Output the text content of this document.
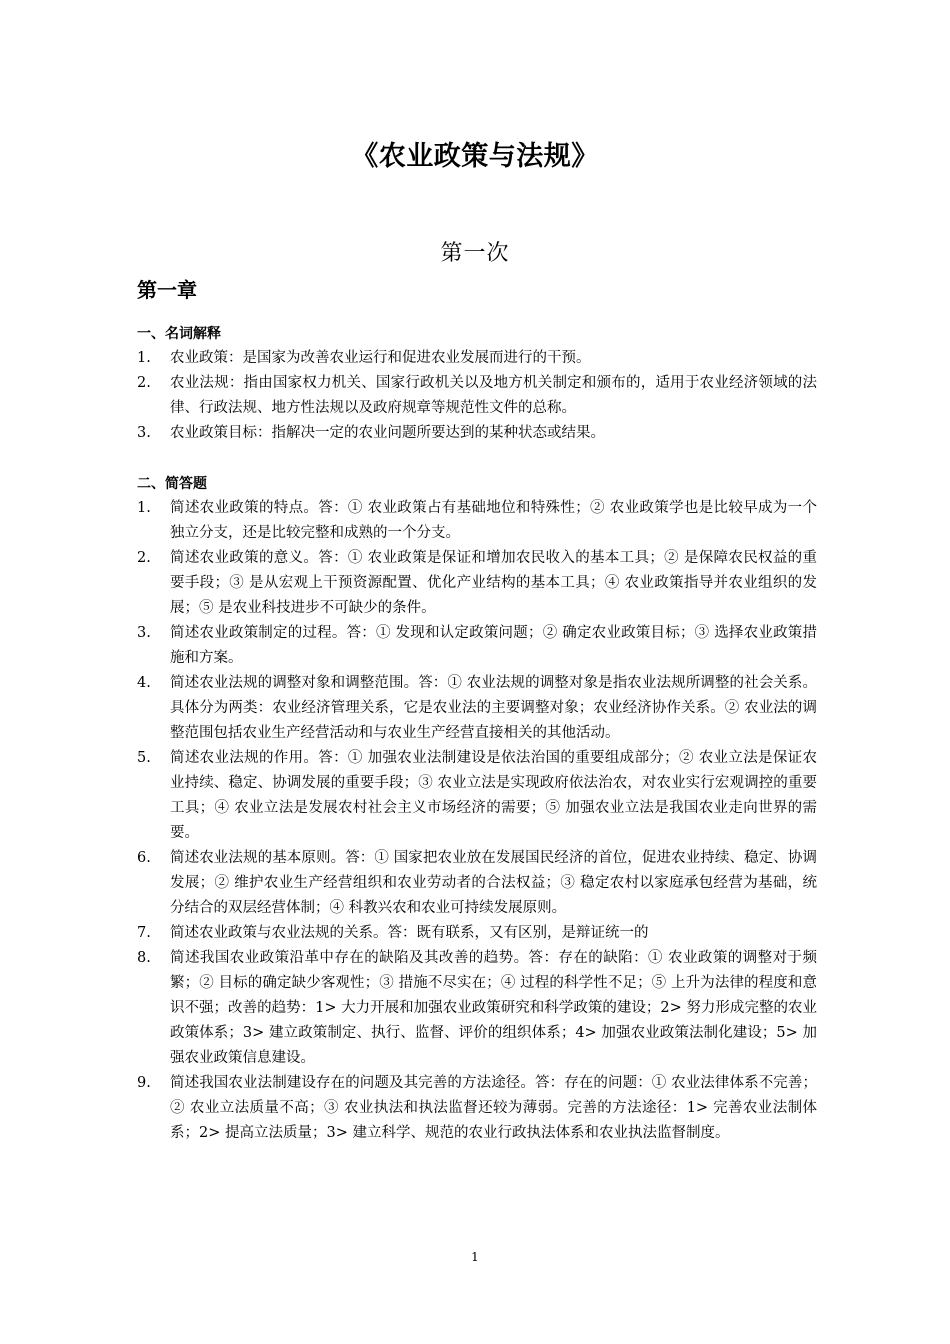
《农业政策与法规》
第一次
第一章
一、名词解释
1. 农业政策：是国家为改善农业运行和促进农业发展而进行的干预。
2. 农业法规：指由国家权力机关、国家行政机关以及地方机关制定和颁布的，适用于农业经济领域的法律、行政法规、地方性法规以及政府规章等规范性文件的总称。
3. 农业政策目标：指解决一定的农业问题所要达到的某种状态或结果。
二、简答题
1. 简述农业政策的特点。答：① 农业政策占有基础地位和特殊性；② 农业政策学也是比较早成为一个独立分支，还是比较完整和成熟的一个分支。
2. 简述农业政策的意义。答：① 农业政策是保证和增加农民收入的基本工具；② 是保障农民权益的重要手段；③ 是从宏观上干预资源配置、优化产业结构的基本工具；④ 农业政策指导并农业组织的发展；⑤ 是农业科技进步不可缺少的条件。
3. 简述农业政策制定的过程。答：① 发现和认定政策问题；② 确定农业政策目标；③ 选择农业政策措施和方案。
4. 简述农业法规的调整对象和调整范围。答：① 农业法规的调整对象是指农业法规所调整的社会关系。具体分为两类：农业经济管理关系，它是农业法的主要调整对象；农业经济协作关系。② 农业法的调整范围包括农业生产经营活动和与农业生产经营直接相关的其他活动。
5. 简述农业法规的作用。答：① 加强农业法制建设是依法治国的重要组成部分；② 农业立法是保证农业持续、稳定、协调发展的重要手段；③ 农业立法是实现政府依法治农，对农业实行宏观调控的重要工具；④ 农业立法是发展农村社会主义市场经济的需要；⑤ 加强农业立法是我国农业走向世界的需要。
6. 简述农业法规的基本原则。答：① 国家把农业放在发展国民经济的首位，促进农业持续、稳定、协调发展；② 维护农业生产经营组织和农业劳动者的合法权益；③ 稳定农村以家庭承包经营为基础，统分结合的双层经营体制；④ 科教兴农和农业可持续发展原则。
7. 简述农业政策与农业法规的关系。答：既有联系，又有区别，是辩证统一的
8. 简述我国农业政策沿革中存在的缺陷及其改善的趋势。答：存在的缺陷：① 农业政策的调整对于频繁；② 目标的确定缺少客观性；③ 措施不尽实在；④ 过程的科学性不足；⑤ 上升为法律的程度和意识不强；改善的趋势：1> 大力开展和加强农业政策研究和科学政策的建设；2> 努力形成完整的农业政策体系；3> 建立政策制定、执行、监督、评价的组织体系；4> 加强农业政策法制化建设；5> 加强农业政策信息建设。
9. 简述我国农业法制建设存在的问题及其完善的方法途径。答：存在的问题：① 农业法律体系不完善；② 农业立法质量不高；③ 农业执法和执法监督还较为薄弱。完善的方法途径：1> 完善农业法制体系；2> 提高立法质量；3> 建立科学、规范的农业行政执法体系和农业执法监督制度。
1
